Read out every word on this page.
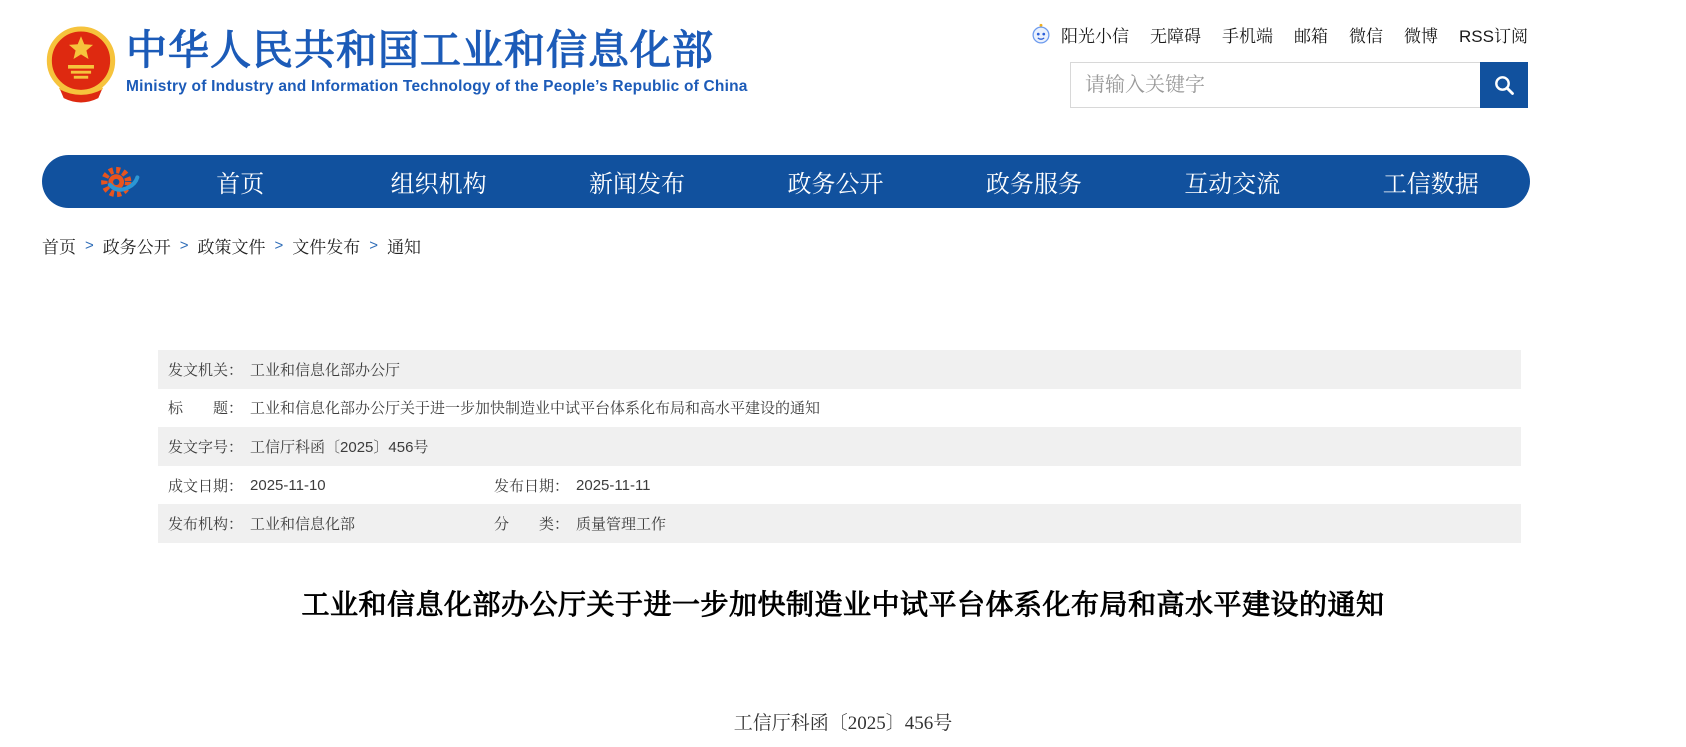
中华人民共和国工业和信息化部
Ministry of Industry and Information Technology of the People’s Republic of China
阳光小信 无障碍 手机端 邮箱 微信 微博 RSS订阅
请输入关键字
首页	组织机构	新闻发布	政务公开	政务服务	互动交流	工信数据
首页 > 政务公开 > 政策文件 > 文件发布 > 通知
发文机关： 工业和信息化部办公厅
标　　题： 工业和信息化部办公厅关于进一步加快制造业中试平台体系化布局和高水平建设的通知
发文字号： 工信厅科函〔2025〕456号
成文日期： 2025-11-10	发布日期： 2025-11-11
发布机构： 工业和信息化部	分　　类： 质量管理工作
工业和信息化部办公厅关于进一步加快制造业中试平台体系化布局和高水平建设的通知
工信厅科函〔2025〕456号
